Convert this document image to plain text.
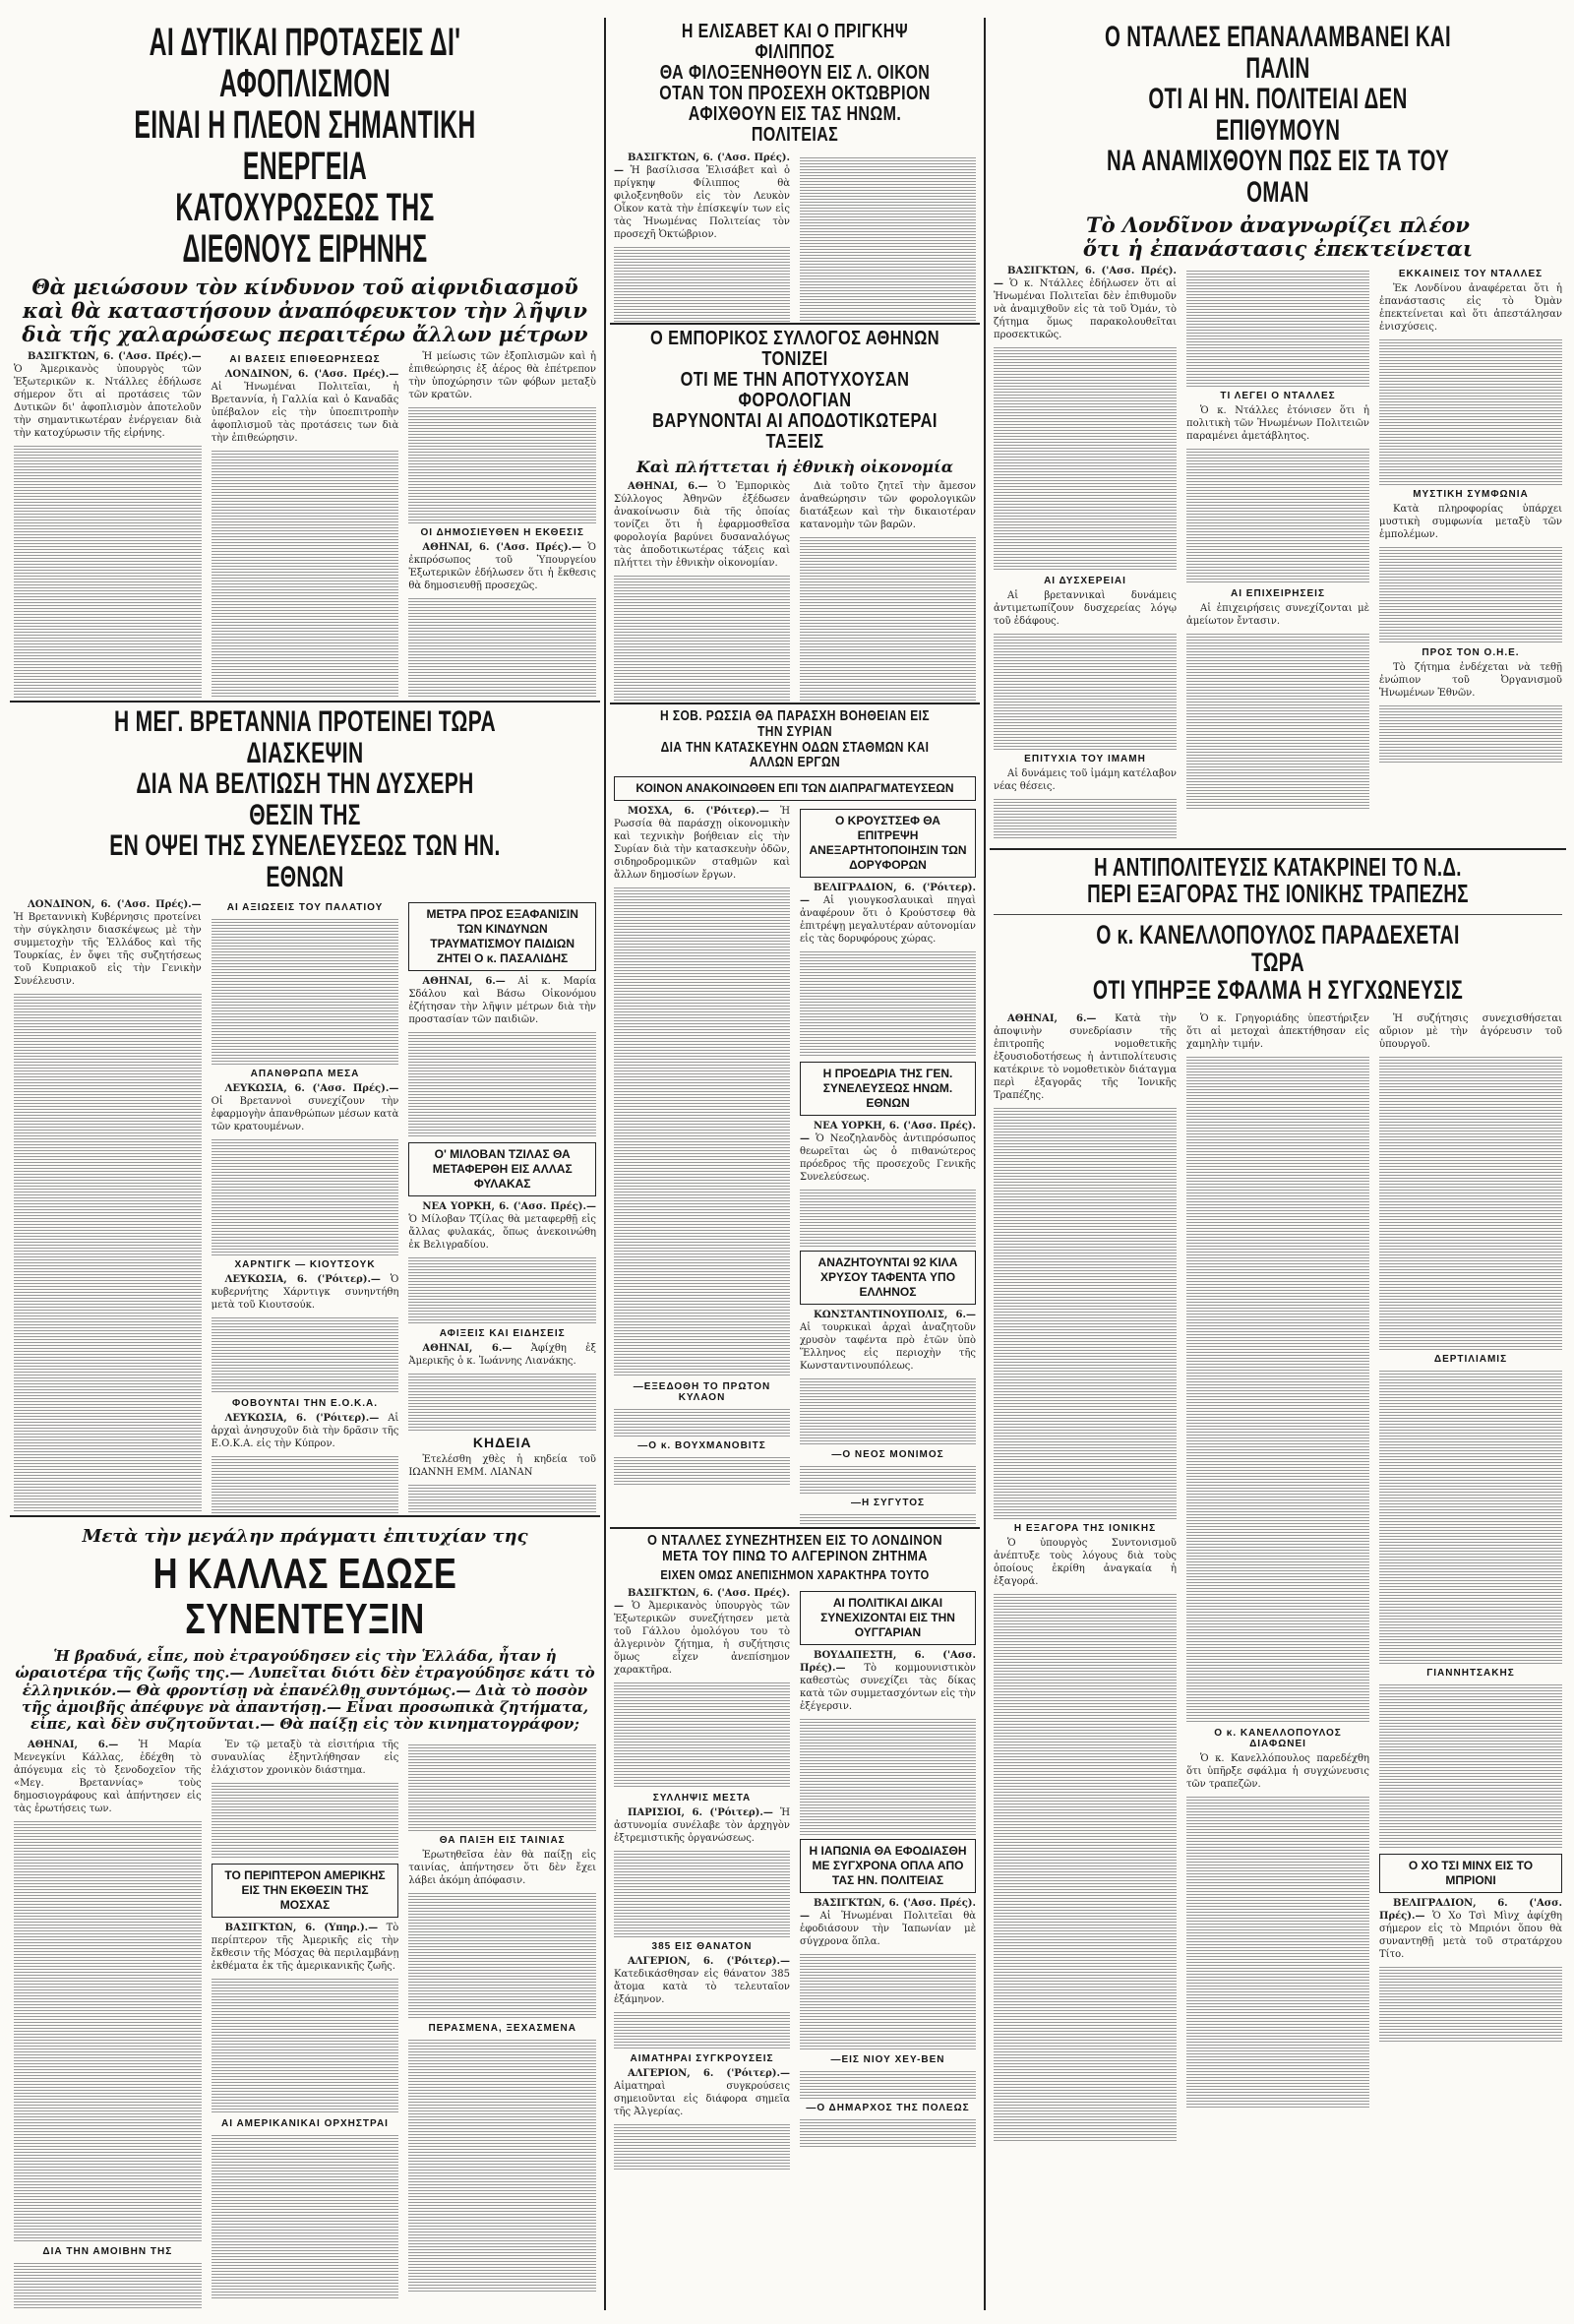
ΑΙ ΔΥΤΙΚΑΙ ΠΡΟΤΑΣΕΙΣ ΔΙ' ΑΦΟΠΛΙΣΜΟΝ
ΕΙΝΑΙ Η ΠΛΕΟΝ ΣΗΜΑΝΤΙΚΗ ΕΝΕΡΓΕΙΑ
ΚΑΤΟΧΥΡΩΣΕΩΣ ΤΗΣ ΔΙΕΘΝΟΥΣ ΕΙΡΗΝΗΣ
Θὰ μειώσουν τὸν κίνδυνον τοῦ αἰφνιδιασμοῦ καὶ θὰ καταστήσουν ἀναπόφευκτον τὴν λῆψιν διὰ τῆς χαλαρώσεως περαιτέρω ἄλλων μέτρων

ΒΑΣΙΓΚΤΩΝ, 6. ('Ασσ. Πρές).— Ὁ Ἀμερικανὸς ὑπουργὸς τῶν Ἐξωτερικῶν κ. Ντάλλες ἐδήλωσε σήμερον ὅτι αἱ προτάσεις τῶν Δυτικῶν δι' ἀφοπλισμὸν ἀποτελοῦν τὴν σημαντικωτέραν ἐνέργειαν διὰ τὴν κατοχύρωσιν τῆς εἰρήνης.

ΑΙ ΒΑΣΕΙΣ ΕΠΙΘΕΩΡΗΣΕΩΣ

ΛΟΝΔΙΝΟΝ, 6. ('Ασσ. Πρές).— Αἱ Ἡνωμέναι Πολιτεῖαι, ἡ Βρεταννία, ἡ Γαλλία καὶ ὁ Καναδᾶς ὑπέβαλον εἰς τὴν ὑποεπιτροπὴν ἀφοπλισμοῦ τὰς προτάσεις των διὰ τὴν ἐπιθεώρησιν.

Ἡ μείωσις τῶν ἐξοπλισμῶν καὶ ἡ ἐπιθεώρησις ἐξ ἀέρος θὰ ἐπέτρεπον τὴν ὑποχώρησιν τῶν φόβων μεταξὺ τῶν κρατῶν.

ΟΙ ΔΗΜΟΣΙΕΥΘΕΝ Η ΕΚΘΕΣΙΣ

ΑΘΗΝΑΙ, 6. ('Ασσ. Πρές).— Ὁ ἐκπρόσωπος τοῦ Ὑπουργείου Ἐξωτερικῶν ἐδήλωσεν ὅτι ἡ ἔκθεσις θὰ δημοσιευθῇ προσεχῶς.

Η ΜΕΓ. ΒΡΕΤΑΝΝΙΑ ΠΡΟΤΕΙΝΕΙ ΤΩΡΑ ΔΙΑΣΚΕΨΙΝ
ΔΙΑ ΝΑ ΒΕΛΤΙΩΣΗ ΤΗΝ ΔΥΣΧΕΡΗ ΘΕΣΙΝ ΤΗΣ
ΕΝ ΟΨΕΙ ΤΗΣ ΣΥΝΕΛΕΥΣΕΩΣ ΤΩΝ ΗΝ. ΕΘΝΩΝ

ΛΟΝΔΙΝΟΝ, 6. ('Ασσ. Πρές).— Ἡ Βρεταννικὴ Κυβέρνησις προτείνει τὴν σύγκλησιν διασκέψεως μὲ τὴν συμμετοχὴν τῆς Ἑλλάδος καὶ τῆς Τουρκίας, ἐν ὄψει τῆς συζητήσεως τοῦ Κυπριακοῦ εἰς τὴν Γενικὴν Συνέλευσιν.

ΑΙ ΑΞΙΩΣΕΙΣ ΤΟΥ ΠΑΛΑΤΙΟΥ
ΑΠΑΝΘΡΩΠΑ ΜΕΣΑ

ΛΕΥΚΩΣΙΑ, 6. ('Ασσ. Πρές).— Οἱ Βρεταννοὶ συνεχίζουν τὴν ἐφαρμογὴν ἀπανθρώπων μέσων κατὰ τῶν κρατουμένων.

ΧΑΡΝΤΙΓΚ — ΚΙΟΥΤΣΟΥΚ

ΛΕΥΚΩΣΙΑ, 6. ('Ρόιτερ).— Ὁ κυβερνήτης Χάρντιγκ συνηντήθη μετὰ τοῦ Κιουτσούκ.

ΦΟΒΟΥΝΤΑΙ ΤΗΝ Ε.Ο.Κ.Α.

ΛΕΥΚΩΣΙΑ, 6. ('Ρόιτερ).— Αἱ ἀρχαὶ ἀνησυχοῦν διὰ τὴν δρᾶσιν τῆς Ε.Ο.Κ.Α. εἰς τὴν Κύπρον.

ΜΕΤΡΑ ΠΡΟΣ ΕΞΑΦΑΝΙΣΙΝ ΤΩΝ ΚΙΝΔΥΝΩΝ ΤΡΑΥΜΑΤΙΣΜΟΥ ΠΑΙΔΙΩΝ ΖΗΤΕΙ Ο κ. ΠΑΣΑΛΙΔΗΣ

ΑΘΗΝΑΙ, 6.— Αἱ κ. Μαρία Σδάλου καὶ Βάσω Οἰκονόμου ἐζήτησαν τὴν λῆψιν μέτρων διὰ τὴν προστασίαν τῶν παιδιῶν.

Ο' ΜΙΛΟΒΑΝ ΤΖΙΛΑΣ ΘΑ ΜΕΤΑΦΕΡΘΗ ΕΙΣ ΑΛΛΑΣ ΦΥΛΑΚΑΣ

ΝΕΑ ΥΟΡΚΗ, 6. ('Ασσ. Πρές).— Ὁ Μίλοβαν Τζίλας θὰ μεταφερθῇ εἰς ἄλλας φυλακάς, ὅπως ἀνεκοινώθη ἐκ Βελιγραδίου.

ΑΦΙΞΕΙΣ ΚΑΙ ΕΙΔΗΣΕΙΣ

ΑΘΗΝΑΙ, 6.— Ἀφίχθη ἐξ Ἀμερικῆς ὁ κ. Ἰωάννης Λιανάκης.

ΚΗΔΕΙΑ

Ἐτελέσθη χθὲς ἡ κηδεία τοῦ ΙΩΑΝΝΗ ΕΜΜ. ΛΙΑΝΑΝ

Μετὰ τὴν μεγάλην πράγματι ἐπιτυχίαν της
Η ΚΑΛΛΑΣ ΕΔΩΣΕ ΣΥΝΕΝΤΕΥΞΙΝ
Ἡ βραδυά, εἶπε, ποὺ ἐτραγούδησεν εἰς τὴν Ἑλλάδα, ἦταν ἡ ὡραιοτέρα τῆς ζωῆς της.— Λυπεῖται διότι δὲν ἐτραγούδησε κάτι τὸ ἑλληνικόν.— Θὰ φροντίσῃ νὰ ἐπανέλθῃ συντόμως.— Διὰ τὸ ποσὸν τῆς ἀμοιβῆς ἀπέφυγε νὰ ἀπαντήσῃ.— Εἶναι προσωπικὰ ζητήματα, εἶπε, καὶ δὲν συζητοῦνται.— Θὰ παίξῃ εἰς τὸν κινηματογράφον;

ΑΘΗΝΑΙ, 6.— Ἡ Μαρία Μενεγκίνι Κάλλας, ἐδέχθη τὸ ἀπόγευμα εἰς τὸ ξενοδοχεῖον τῆς «Μεγ. Βρεταννίας» τοὺς δημοσιογράφους καὶ ἀπήντησεν εἰς τὰς ἐρωτήσεις των.

ΔΙΑ ΤΗΝ ΑΜΟΙΒΗΝ ΤΗΣ

Ἐν τῷ μεταξὺ τὰ εἰσιτήρια τῆς συναυλίας ἐξηντλήθησαν εἰς ἐλάχιστον χρονικὸν διάστημα.

ΤΟ ΠΕΡΙΠΤΕΡΟΝ ΑΜΕΡΙΚΗΣ ΕΙΣ ΤΗΝ ΕΚΘΕΣΙΝ ΤΗΣ ΜΟΣΧΑΣ

ΒΑΣΙΓΚΤΩΝ, 6. (Υπηρ.).— Τὸ περίπτερον τῆς Ἀμερικῆς εἰς τὴν ἔκθεσιν τῆς Μόσχας θὰ περιλαμβάνῃ ἐκθέματα ἐκ τῆς ἀμερικανικῆς ζωῆς.

ΑΙ ΑΜΕΡΙΚΑΝΙΚΑΙ ΟΡΧΗΣΤΡΑΙ
ΘΑ ΠΑΙΞΗ ΕΙΣ ΤΑΙΝΙΑΣ

Ἐρωτηθεῖσα ἐὰν θὰ παίξῃ εἰς ταινίας, ἀπήντησεν ὅτι δὲν ἔχει λάβει ἀκόμη ἀπόφασιν.

ΠΕΡΑΣΜΕΝΑ, ΞΕΧΑΣΜΕΝΑ
Η ΕΛΙΣΑΒΕΤ ΚΑΙ Ο ΠΡΙΓΚΗΨ ΦΙΛΙΠΠΟΣ
ΘΑ ΦΙΛΟΞΕΝΗΘΟΥΝ ΕΙΣ Λ. ΟΙΚΟΝ
ΟΤΑΝ ΤΟΝ ΠΡΟΣΕΧΗ ΟΚΤΩΒΡΙΟΝ
ΑΦΙΧΘΟΥΝ ΕΙΣ ΤΑΣ ΗΝΩΜ. ΠΟΛΙΤΕΙΑΣ

ΒΑΣΙΓΚΤΩΝ, 6. ('Ασσ. Πρές).— Ἡ βασίλισσα Ἐλισάβετ καὶ ὁ πρίγκηψ Φίλιππος θὰ φιλοξενηθοῦν εἰς τὸν Λευκὸν Οἶκον κατὰ τὴν ἐπίσκεψίν των εἰς τὰς Ἡνωμένας Πολιτείας τὸν προσεχῆ Ὀκτώβριον.

Ο ΕΜΠΟΡΙΚΟΣ ΣΥΛΛΟΓΟΣ ΑΘΗΝΩΝ ΤΟΝΙΖΕΙ
ΟΤΙ ΜΕ ΤΗΝ ΑΠΟΤΥΧΟΥΣΑΝ ΦΟΡΟΛΟΓΙΑΝ
ΒΑΡΥΝΟΝΤΑΙ ΑΙ ΑΠΟΔΟΤΙΚΩΤΕΡΑΙ ΤΑΞΕΙΣ
Καὶ πλήττεται ἡ ἐθνικὴ οἰκονομία

ΑΘΗΝΑΙ, 6.— Ὁ Ἐμπορικὸς Σύλλογος Ἀθηνῶν ἐξέδωσεν ἀνακοίνωσιν διὰ τῆς ὁποίας τονίζει ὅτι ἡ ἐφαρμοσθεῖσα φορολογία βαρύνει δυσαναλόγως τὰς ἀποδοτικωτέρας τάξεις καὶ πλήττει τὴν ἐθνικὴν οἰκονομίαν.

Διὰ τοῦτο ζητεῖ τὴν ἄμεσον ἀναθεώρησιν τῶν φορολογικῶν διατάξεων καὶ τὴν δικαιοτέραν κατανομὴν τῶν βαρῶν.

Η ΣΟΒ. ΡΩΣΣΙΑ ΘΑ ΠΑΡΑΣΧΗ ΒΟΗΘΕΙΑΝ ΕΙΣ ΤΗΝ ΣΥΡΙΑΝ
ΔΙΑ ΤΗΝ ΚΑΤΑΣΚΕΥΗΝ ΟΔΩΝ ΣΤΑΘΜΩΝ ΚΑΙ ΑΛΛΩΝ ΕΡΓΩΝ
ΚΟΙΝΟΝ ΑΝΑΚΟΙΝΩΘΕΝ ΕΠΙ ΤΩΝ ΔΙΑΠΡΑΓΜΑΤΕΥΣΕΩΝ

ΜΟΣΧΑ, 6. ('Ρόιτερ).— Ἡ Ρωσσία θὰ παράσχῃ οἰκονομικὴν καὶ τεχνικὴν βοήθειαν εἰς τὴν Συρίαν διὰ τὴν κατασκευὴν ὁδῶν, σιδηροδρομικῶν σταθμῶν καὶ ἄλλων δημοσίων ἔργων.

—ΕΞΕΔΟΘΗ ΤΟ ΠΡΩΤΟΝ ΚΥΛΑΟΝ
—Ο κ. ΒΟΥΧΜΑΝΟΒΙΤΣ
Ο ΚΡΟΥΣΤΣΕΦ ΘΑ ΕΠΙΤΡΕΨΗ ΑΝΕΞΑΡΤΗΤΟΠΟΙΗΣΙΝ ΤΩΝ ΔΟΡΥΦΟΡΩΝ

ΒΕΛΙΓΡΑΔΙΟΝ, 6. ('Ρόιτερ).— Αἱ γιουγκοσλαυικαὶ πηγαὶ ἀναφέρουν ὅτι ὁ Κρούστσεφ θὰ ἐπιτρέψῃ μεγαλυτέραν αὐτονομίαν εἰς τὰς δορυφόρους χώρας.

Η ΠΡΟΕΔΡΙΑ ΤΗΣ ΓΕΝ. ΣΥΝΕΛΕΥΣΕΩΣ ΗΝΩΜ. ΕΘΝΩΝ

ΝΕΑ ΥΟΡΚΗ, 6. ('Ασσ. Πρές).— Ὁ Νεοζηλανδὸς ἀντιπρόσωπος θεωρεῖται ὡς ὁ πιθανώτερος πρόεδρος τῆς προσεχοῦς Γενικῆς Συνελεύσεως.

ΑΝΑΖΗΤΟΥΝΤΑΙ 92 ΚΙΛΑ ΧΡΥΣΟΥ ΤΑΦΕΝΤΑ ΥΠΟ ΕΛΛΗΝΟΣ

ΚΩΝΣΤΑΝΤΙΝΟΥΠΟΛΙΣ, 6.— Αἱ τουρκικαὶ ἀρχαὶ ἀναζητοῦν χρυσὸν ταφέντα πρὸ ἐτῶν ὑπὸ Ἕλληνος εἰς περιοχὴν τῆς Κωνσταντινουπόλεως.

—Ο ΝΕΟΣ ΜΟΝΙΜΟΣ
—Η ΣΥΓΥΤΟΣ
Ο ΝΤΑΛΛΕΣ ΣΥΝΕΖΗΤΗΣΕΝ ΕΙΣ ΤΟ ΛΟΝΔΙΝΟΝ
ΜΕΤΑ ΤΟΥ ΠΙΝΩ ΤΟ ΑΛΓΕΡΙΝΟΝ ΖΗΤΗΜΑ
ΕΙΧΕΝ ΟΜΩΣ ΑΝΕΠΙΣΗΜΟΝ ΧΑΡΑΚΤΗΡΑ ΤΟΥΤΟ

ΒΑΣΙΓΚΤΩΝ, 6. ('Ασσ. Πρές).— Ὁ Ἀμερικανὸς ὑπουργὸς τῶν Ἐξωτερικῶν συνεζήτησεν μετὰ τοῦ Γάλλου ὁμολόγου του τὸ ἀλγερινὸν ζήτημα, ἡ συζήτησις ὅμως εἶχεν ἀνεπίσημον χαρακτῆρα.

ΣΥΛΛΗΨΙΣ ΜΕΣΤΑ

ΠΑΡΙΣΙΟΙ, 6. ('Ρόιτερ).— Ἡ ἀστυνομία συνέλαβε τὸν ἀρχηγὸν ἐξτρεμιστικῆς ὀργανώσεως.

385 ΕΙΣ ΘΑΝΑΤΟΝ

ΑΛΓΕΡΙΟΝ, 6. ('Ρόιτερ).— Κατεδικάσθησαν εἰς θάνατον 385 ἄτομα κατὰ τὸ τελευταῖον ἑξάμηνον.

ΑΙΜΑΤΗΡΑΙ ΣΥΓΚΡΟΥΣΕΙΣ

ΑΛΓΕΡΙΟΝ, 6. ('Ρόιτερ).— Αἱματηραὶ συγκρούσεις σημειοῦνται εἰς διάφορα σημεῖα τῆς Ἀλγερίας.

ΑΙ ΠΟΛΙΤΙΚΑΙ ΔΙΚΑΙ ΣΥΝΕΧΙΖΟΝΤΑΙ ΕΙΣ ΤΗΝ ΟΥΓΓΑΡΙΑΝ

ΒΟΥΔΑΠΕΣΤΗ, 6. ('Ασσ. Πρές).— Τὸ κομμουνιστικὸν καθεστὼς συνεχίζει τὰς δίκας κατὰ τῶν συμμετασχόντων εἰς τὴν ἐξέγερσιν.

Η ΙΑΠΩΝΙΑ ΘΑ ΕΦΟΔΙΑΣΘΗ ΜΕ ΣΥΓΧΡΟΝΑ ΟΠΛΑ ΑΠΟ ΤΑΣ ΗΝ. ΠΟΛΙΤΕΙΑΣ

ΒΑΣΙΓΚΤΩΝ, 6. ('Ασσ. Πρές).— Αἱ Ἡνωμέναι Πολιτεῖαι θὰ ἐφοδιάσουν τὴν Ἰαπωνίαν μὲ σύγχρονα ὅπλα.

—ΕΙΣ ΝΙΟΥ ΧΕΥ-ΒΕΝ
—Ο ΔΗΜΑΡΧΟΣ ΤΗΣ ΠΟΛΕΩΣ
Ο ΝΤΑΛΛΕΣ ΕΠΑΝΑΛΑΜΒΑΝΕΙ ΚΑΙ ΠΑΛΙΝ
ΟΤΙ ΑΙ ΗΝ. ΠΟΛΙΤΕΙΑΙ ΔΕΝ ΕΠΙΘΥΜΟΥΝ
ΝΑ ΑΝΑΜΙΧΘΟΥΝ ΠΩΣ ΕΙΣ ΤΑ ΤΟΥ ΟΜΑΝ
Τὸ Λονδῖνον ἀναγνωρίζει πλέον ὅτι ἡ ἐπανάστασις ἐπεκτείνεται

ΒΑΣΙΓΚΤΩΝ, 6. ('Ασσ. Πρές).— Ὁ κ. Ντάλλες ἐδήλωσεν ὅτι αἱ Ἡνωμέναι Πολιτεῖαι δὲν ἐπιθυμοῦν νὰ ἀναμιχθοῦν εἰς τὰ τοῦ Ὀμάν, τὸ ζήτημα ὅμως παρακολουθεῖται προσεκτικῶς.

ΑΙ ΔΥΣΧΕΡΕΙΑΙ

Αἱ βρεταννικαὶ δυνάμεις ἀντιμετωπίζουν δυσχερείας λόγῳ τοῦ ἐδάφους.

ΕΠΙΤΥΧΙΑ ΤΟΥ ΙΜΑΜΗ

Αἱ δυνάμεις τοῦ ἰμάμη κατέλαβον νέας θέσεις.

ΤΙ ΛΕΓΕΙ Ο ΝΤΑΛΛΕΣ

Ὁ κ. Ντάλλες ἐτόνισεν ὅτι ἡ πολιτικὴ τῶν Ἡνωμένων Πολιτειῶν παραμένει ἀμετάβλητος.

ΑΙ ΕΠΙΧΕΙΡΗΣΕΙΣ

Αἱ ἐπιχειρήσεις συνεχίζονται μὲ ἀμείωτον ἔντασιν.

ΕΚΚΑΙΝΕΙΣ ΤΟΥ ΝΤΑΛΛΕΣ

Ἐκ Λονδίνου ἀναφέρεται ὅτι ἡ ἐπανάστασις εἰς τὸ Ὀμὰν ἐπεκτείνεται καὶ ὅτι ἀπεστάλησαν ἐνισχύσεις.

ΜΥΣΤΙΚΗ ΣΥΜΦΩΝΙΑ

Κατὰ πληροφορίας ὑπάρχει μυστικὴ συμφωνία μεταξὺ τῶν ἐμπολέμων.

ΠΡΟΣ ΤΟΝ Ο.Η.Ε.

Τὸ ζήτημα ἐνδέχεται νὰ τεθῇ ἐνώπιον τοῦ Ὀργανισμοῦ Ἡνωμένων Ἐθνῶν.

Η ΑΝΤΙΠΟΛΙΤΕΥΣΙΣ ΚΑΤΑΚΡΙΝΕΙ ΤΟ Ν.Δ.
ΠΕΡΙ ΕΞΑΓΟΡΑΣ ΤΗΣ ΙΟΝΙΚΗΣ ΤΡΑΠΕΖΗΣ
Ο κ. ΚΑΝΕΛΛΟΠΟΥΛΟΣ ΠΑΡΑΔΕΧΕΤΑΙ ΤΩΡΑ
ΟΤΙ ΥΠΗΡΞΕ ΣΦΑΛΜΑ Η ΣΥΓΧΩΝΕΥΣΙΣ

ΑΘΗΝΑΙ, 6.— Κατὰ τὴν ἀποψινὴν συνεδρίασιν τῆς ἐπιτροπῆς νομοθετικῆς ἐξουσιοδοτήσεως ἡ ἀντιπολίτευσις κατέκρινε τὸ νομοθετικὸν διάταγμα περὶ ἐξαγορᾶς τῆς Ἰονικῆς Τραπέζης.

Η ΕΞΑΓΟΡΑ ΤΗΣ ΙΟΝΙΚΗΣ

Ὁ ὑπουργὸς Συντονισμοῦ ἀνέπτυξε τοὺς λόγους διὰ τοὺς ὁποίους ἐκρίθη ἀναγκαία ἡ ἐξαγορά.

Ὁ κ. Γρηγοριάδης ὑπεστήριξεν ὅτι αἱ μετοχαὶ ἀπεκτήθησαν εἰς χαμηλὴν τιμήν.

Ο κ. ΚΑΝΕΛΛΟΠΟΥΛΟΣ ΔΙΑΦΩΝΕΙ

Ὁ κ. Κανελλόπουλος παρεδέχθη ὅτι ὑπῆρξε σφάλμα ἡ συγχώνευσις τῶν τραπεζῶν.

Ἡ συζήτησις συνεχισθήσεται αὔριον μὲ τὴν ἀγόρευσιν τοῦ ὑπουργοῦ.

ΔΕΡΤΙΛΙΑΜΙΣ
ΓΙΑΝΝΗΤΣΑΚΗΣ
Ο ΧΟ ΤΣΙ ΜΙΝΧ ΕΙΣ ΤΟ ΜΠΡΙΟΝΙ

ΒΕΛΙΓΡΑΔΙΟΝ, 6. ('Ασσ. Πρές).— Ὁ Χο Τσὶ Μὶνχ ἀφίχθη σήμερον εἰς τὸ Μπριόνι ὅπου θὰ συναντηθῇ μετὰ τοῦ στρατάρχου Τίτο.
